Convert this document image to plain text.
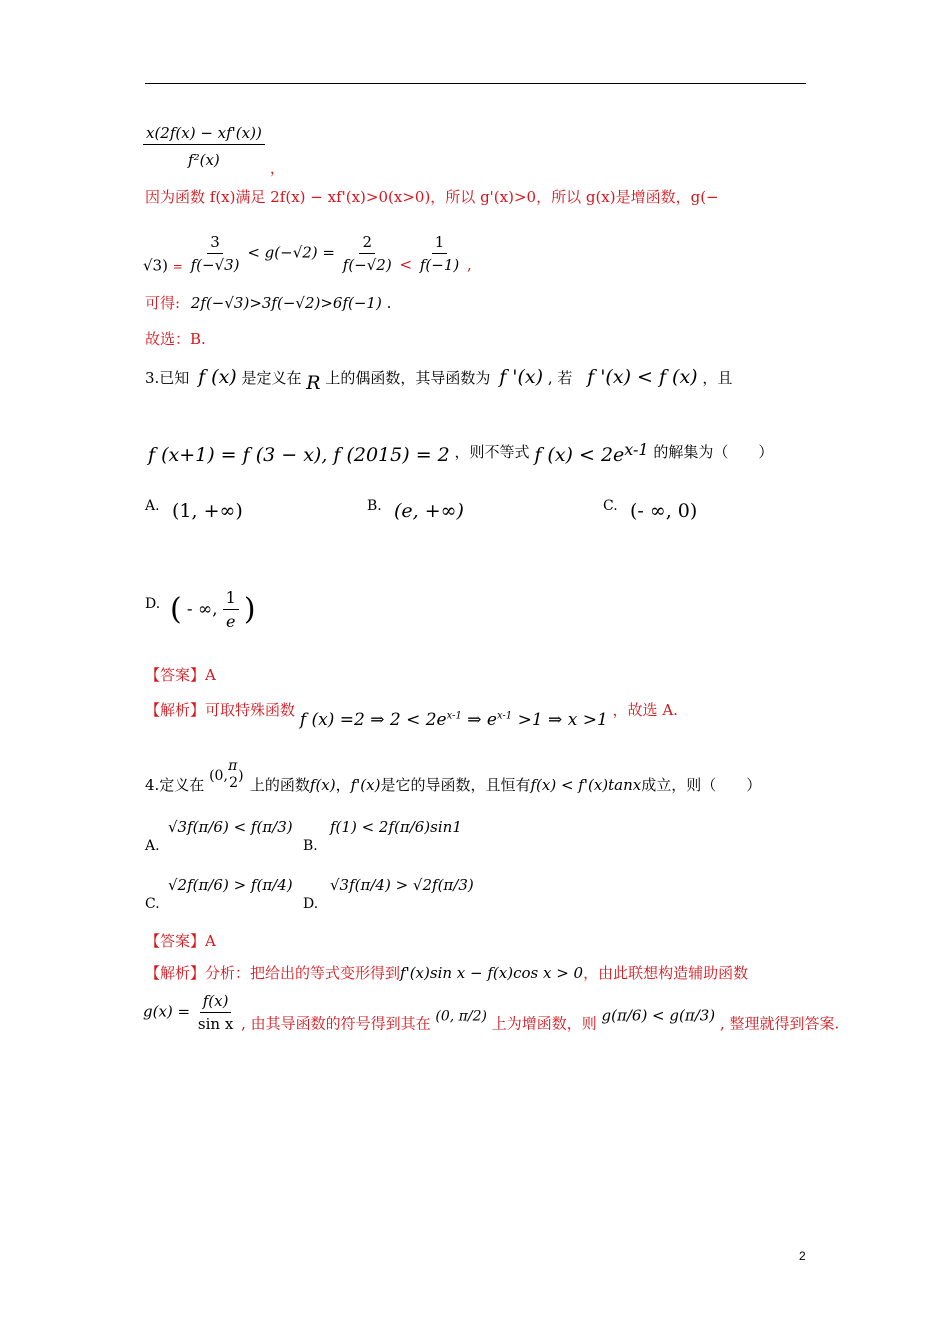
$\frac{x(2f(x) - xf'(x))}{\text{f²(x)}}$ ，
因为函数 f(x)满足 2f(x) − xf'(x)>0(x>0)，所以 g'(x)>0，所以 g(x)是增函数，g(−
√3) $_= \frac{3}{f(-√3)} < g(-√2) = \frac{2}{f(-√2)} < \frac{1}{f(-1)}$ ,
可得: 2f(−√3)>3f(−√2)>6f(−1) .
故选：B.
3.已知 f (x) 是定义在 R 上的偶函数，其导函数为 f '(x) , 若 f '(x) < f (x) ，且
f (x+1) = f (3 − x), f (2015) = 2 ，则不等式 f $(x) < 2e^{x-1}$ 的解集为（　　）
A. (1, +∞)	B. (e, +∞)	C. (- ∞, 0)
D. ( - ∞, $\frac{1}{e}$ )
【答案】A
【解析】可取特殊函数 f (x) =2 ⇒ $2 < 2e^{x-1}$ ⇒ $e^{x-1} >1$ ⇒ x >1 ，故选 A.
4.定义在 (0,
π
2 ) 上的函数f(x)，f'(x)是它的导函数，且恒有f(x) < f'(x)tanx成立，则（　　）
A.
√3f(π/6) < f(π/3)
B.
f(1) < 2f(π/6)sin1
C.
√2f(π/6) > f(π/4)
D.
√3f(π/4) > √2f(π/3)
【答案】A
【解析】分析：把给出的等式变形得到f'(x)sin x − f(x)cos x > 0，由此联想构造辅助函数
$g(x) = \frac{f(x)}{\text{sin x}}$ , 由其导函数的符号得到其在 (0, π/2) 上为增函数，则 g(π/6) < g(π/3) , 整理就得到答案.
2
